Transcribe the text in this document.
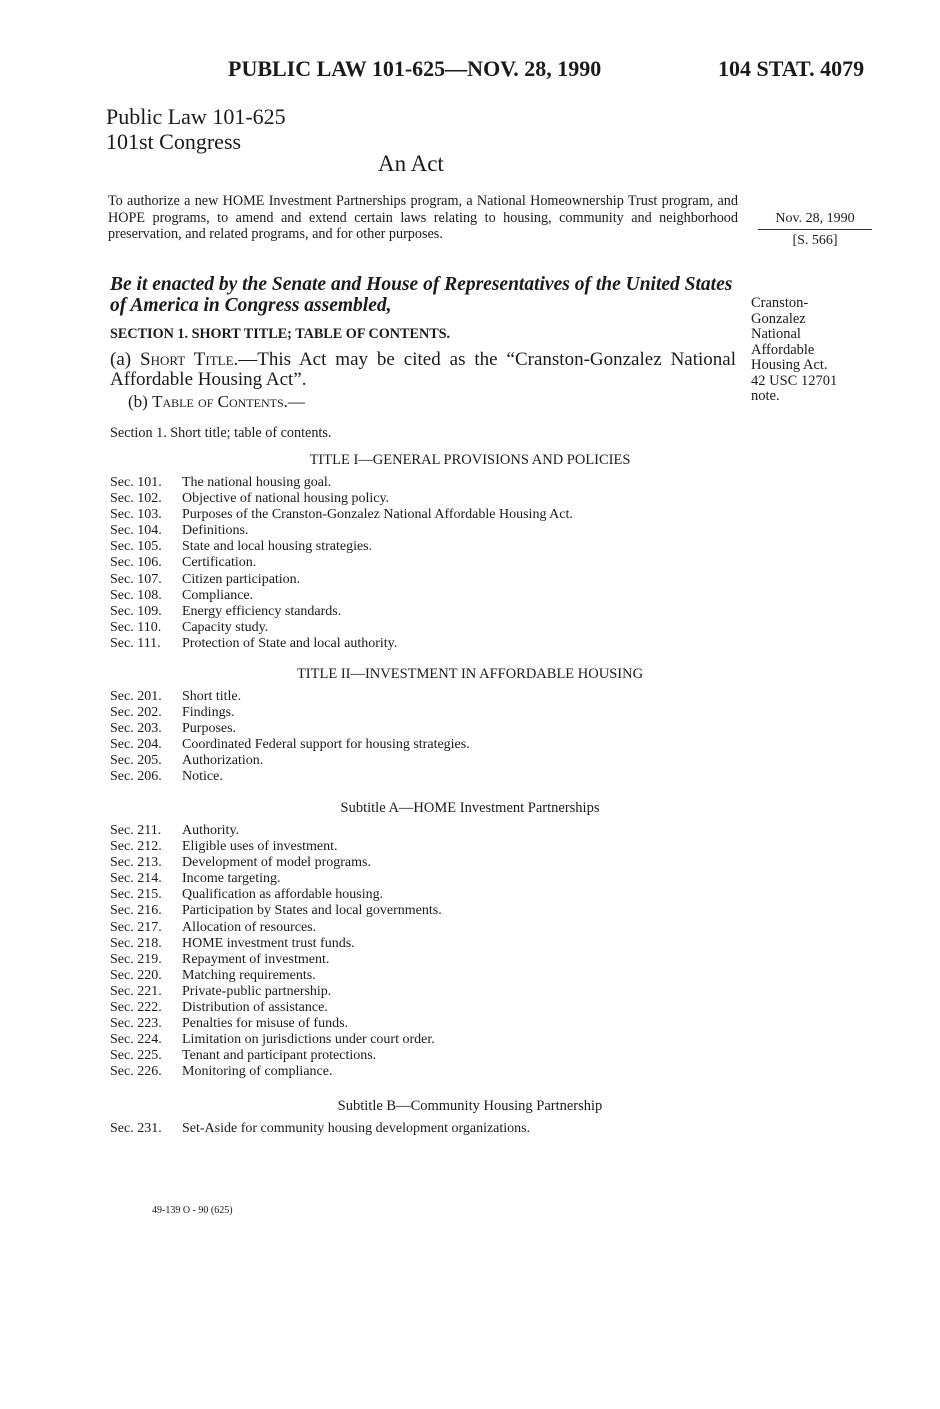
PUBLIC LAW 101-625—NOV. 28, 1990	104 STAT. 4079
Public Law 101-625
101st Congress
An Act
To authorize a new HOME Investment Partnerships program, a National Homeownership Trust program, and HOPE programs, to amend and extend certain laws relating to housing, community and neighborhood preservation, and related programs, and for other purposes.
Nov. 28, 1990
[S. 566]
Be it enacted by the Senate and House of Representatives of the United States of America in Congress assembled,	Cranston-
Gonzalez
National
Affordable
Housing Act.
42 USC 12701
note.
SECTION 1. SHORT TITLE; TABLE OF CONTENTS.
(a) Short Title.—This Act may be cited as the “Cranston-Gonzalez National Affordable Housing Act”.
(b) Table of Contents.—
Section 1. Short title; table of contents.
TITLE I—GENERAL PROVISIONS AND POLICIES
Sec. 101. The national housing goal.
Sec. 102. Objective of national housing policy.
Sec. 103. Purposes of the Cranston-Gonzalez National Affordable Housing Act.
Sec. 104. Definitions.
Sec. 105. State and local housing strategies.
Sec. 106. Certification.
Sec. 107. Citizen participation.
Sec. 108. Compliance.
Sec. 109. Energy efficiency standards.
Sec. 110. Capacity study.
Sec. 111. Protection of State and local authority.
TITLE II—INVESTMENT IN AFFORDABLE HOUSING
Sec. 201. Short title.
Sec. 202. Findings.
Sec. 203. Purposes.
Sec. 204. Coordinated Federal support for housing strategies.
Sec. 205. Authorization.
Sec. 206. Notice.
Subtitle A—HOME Investment Partnerships
Sec. 211. Authority.
Sec. 212. Eligible uses of investment.
Sec. 213. Development of model programs.
Sec. 214. Income targeting.
Sec. 215. Qualification as affordable housing.
Sec. 216. Participation by States and local governments.
Sec. 217. Allocation of resources.
Sec. 218. HOME investment trust funds.
Sec. 219. Repayment of investment.
Sec. 220. Matching requirements.
Sec. 221. Private-public partnership.
Sec. 222. Distribution of assistance.
Sec. 223. Penalties for misuse of funds.
Sec. 224. Limitation on jurisdictions under court order.
Sec. 225. Tenant and participant protections.
Sec. 226. Monitoring of compliance.
Subtitle B—Community Housing Partnership
Sec. 231. Set-Aside for community housing development organizations.
49-139 O - 90 (625)
